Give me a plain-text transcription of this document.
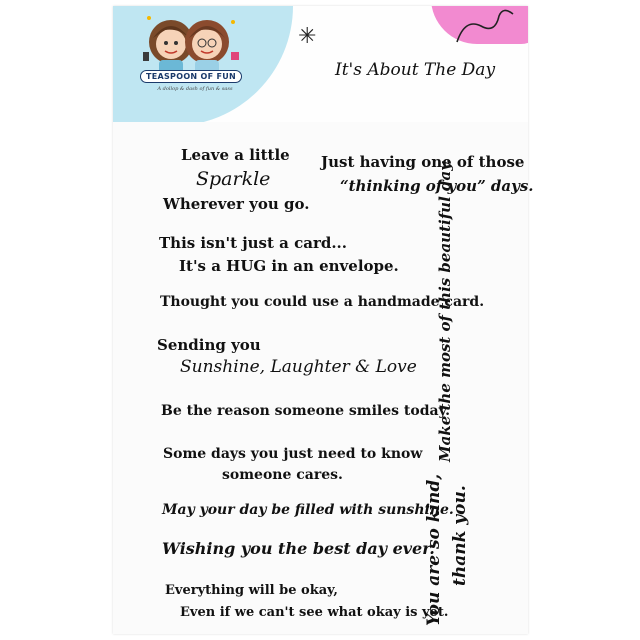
TEASPOON OF FUN
A dollop & dash of fun & sass
✳
It's About The Day
Leave a little
Sparkle
Wherever you go.
Just having one of those
“thinking of you” days.
This isn't just a card...
It's a HUG in an envelope.
Thought you could use a handmade card.
Sending you
Sunshine, Laughter & Love
Be the reason someone smiles today.
Some days you just need to know
someone cares.
May your day be filled with sunshine.
Wishing you the best day ever.
Everything will be okay,
Even if we can't see what okay is yet.
Make the most of this beautiful day.
You are so kind, thank you.
